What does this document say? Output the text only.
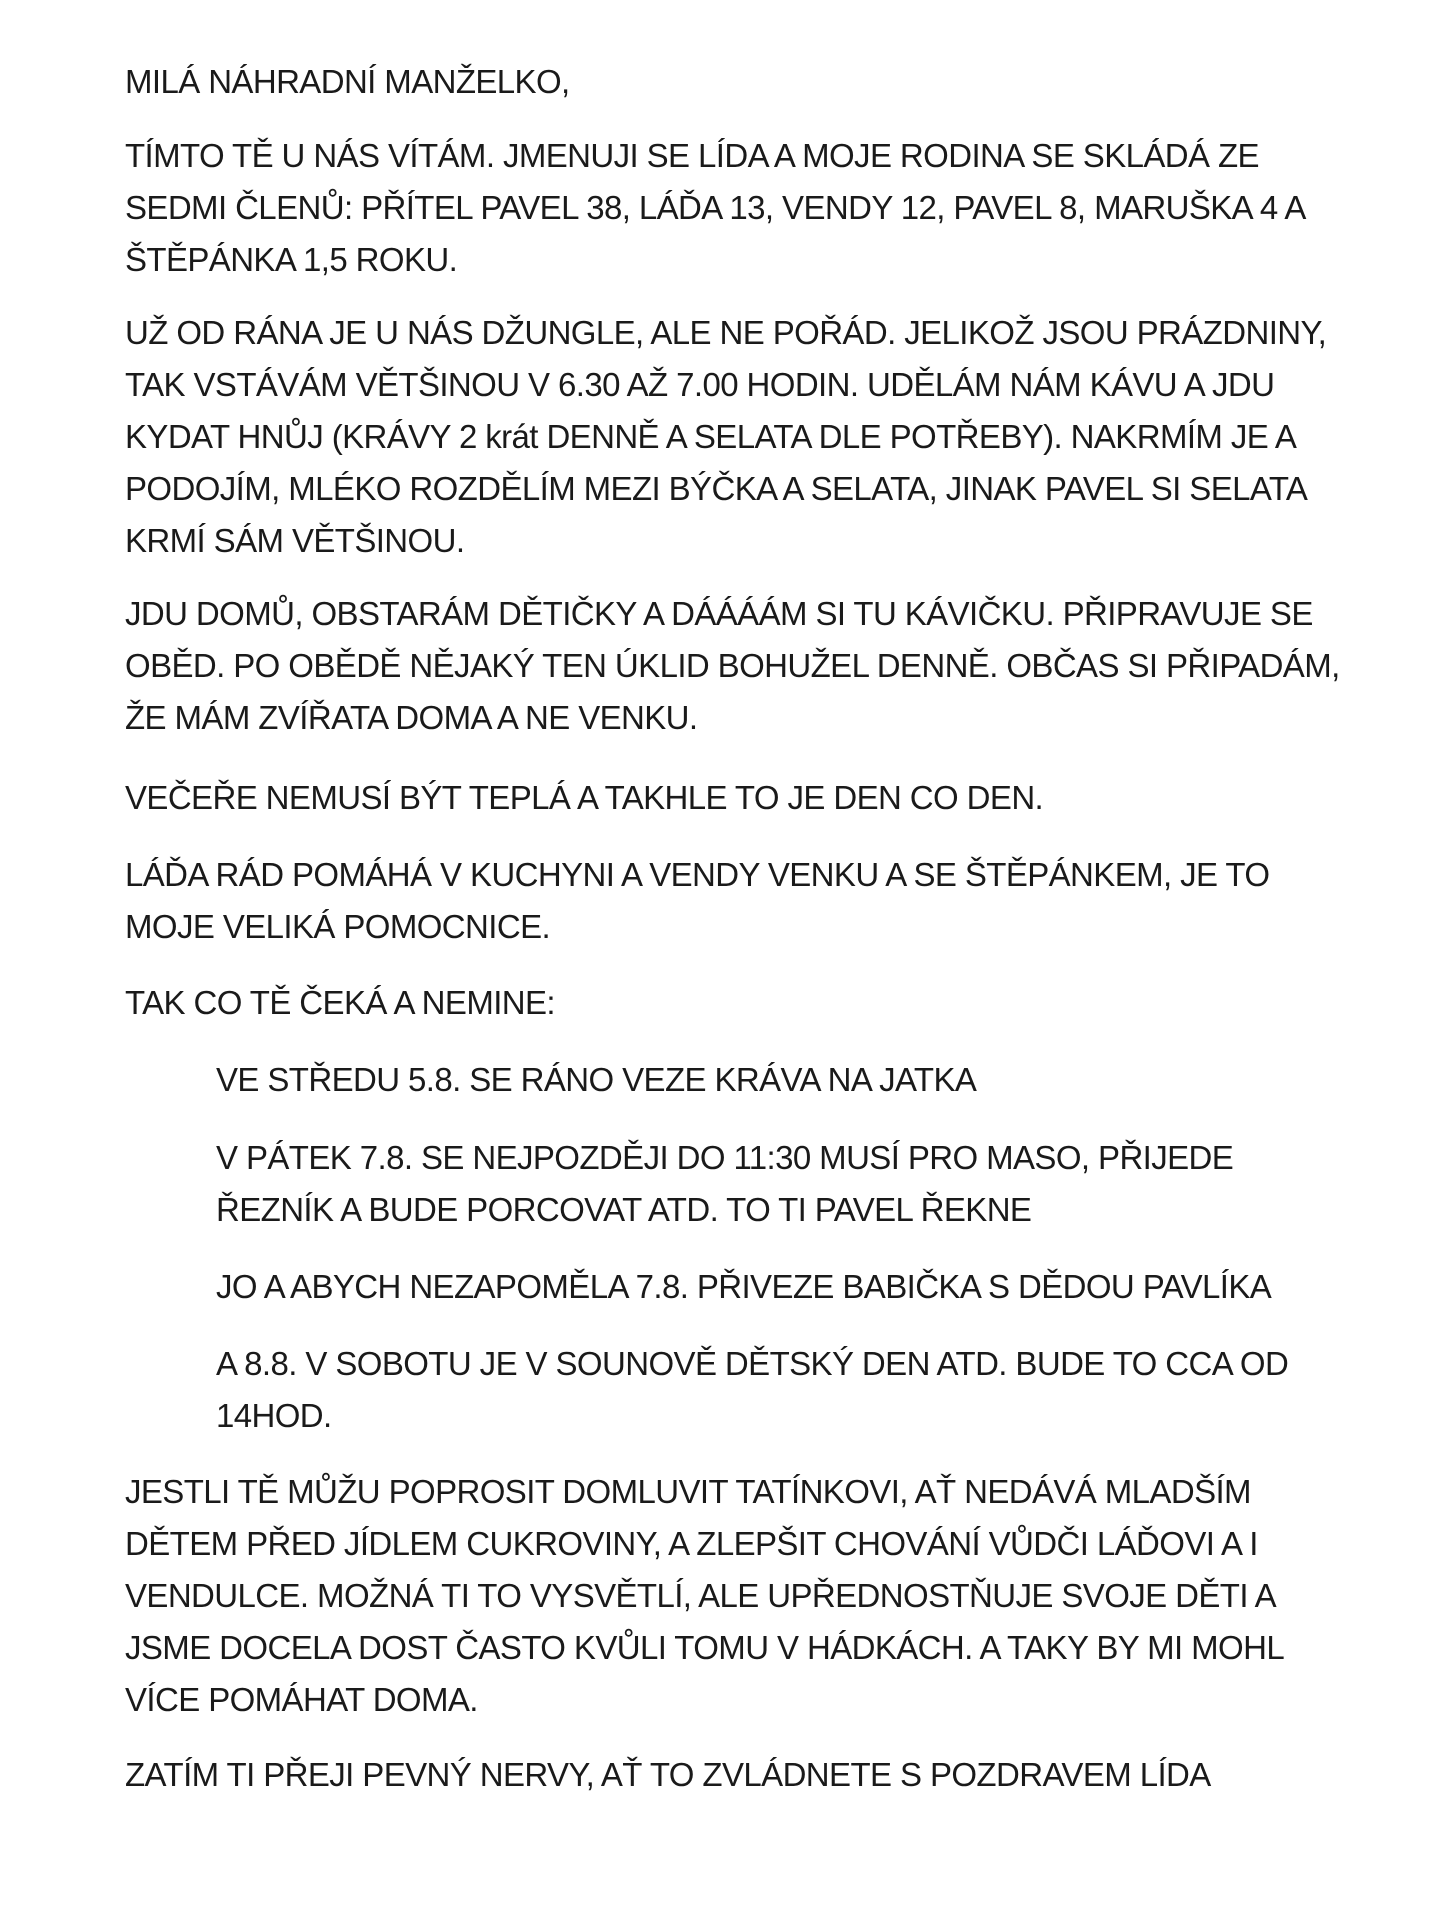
MILÁ NÁHRADNÍ MANŽELKO,

TÍMTO TĚ U NÁS VÍTÁM. JMENUJI SE LÍDA A MOJE RODINA SE SKLÁDÁ ZE SEDMI ČLENŮ: PŘÍTEL PAVEL 38, LÁĎA 13, VENDY 12, PAVEL 8, MARUŠKA 4 A ŠTĚPÁNKA 1,5 ROKU.

UŽ OD RÁNA JE U NÁS DŽUNGLE, ALE NE POŘÁD. JELIKOŽ JSOU PRÁZDNINY, TAK VSTÁVÁM VĚTŠINOU V 6.30 AŽ 7.00 HODIN. UDĚLÁM NÁM KÁVU A JDU KYDAT HNŮJ (KRÁVY 2 krát DENNĚ A SELATA DLE POTŘEBY). NAKRMÍM JE A PODOJÍM, MLÉKO ROZDĚLÍM MEZI BÝČKA A SELATA, JINAK PAVEL SI SELATA KRMÍ SÁM VĚTŠINOU.

JDU DOMŮ, OBSTARÁM DĚTIČKY A DÁÁÁÁM SI TU KÁVIČKU. PŘIPRAVUJE SE OBĚD. PO OBĚDĚ NĚJAKÝ TEN ÚKLID BOHUŽEL DENNĚ. OBČAS SI PŘIPADÁM, ŽE MÁM ZVÍŘATA DOMA A NE VENKU.

VEČEŘE NEMUSÍ BÝT TEPLÁ A TAKHLE TO JE DEN CO DEN.

LÁĎA RÁD POMÁHÁ V KUCHYNI A VENDY VENKU A SE ŠTĚPÁNKEM, JE TO MOJE VELIKÁ POMOCNICE.

TAK CO TĚ ČEKÁ A NEMINE:

VE STŘEDU 5.8. SE RÁNO VEZE KRÁVA NA JATKA

V PÁTEK 7.8. SE NEJPOZDĚJI DO 11:30 MUSÍ PRO MASO, PŘIJEDE ŘEZNÍK A BUDE PORCOVAT ATD. TO TI PAVEL ŘEKNE

JO A ABYCH NEZAPOMĚLA 7.8. PŘIVEZE BABIČKA S DĚDOU PAVLÍKA

A 8.8. V SOBOTU JE V SOUNOVĚ DĚTSKÝ DEN ATD. BUDE TO CCA OD 14HOD.

JESTLI TĚ MŮŽU POPROSIT DOMLUVIT TATÍNKOVI, AŤ NEDÁVÁ MLADŠÍM DĚTEM PŘED JÍDLEM CUKROVINY, A ZLEPŠIT CHOVÁNÍ VŮDČI LÁĎOVI A I VENDULCE. MOŽNÁ TI TO VYSVĚTLÍ, ALE UPŘEDNOSTŇUJE SVOJE DĚTI A JSME DOCELA DOST ČASTO KVŮLI TOMU V HÁDKÁCH. A TAKY BY MI MOHL VÍCE POMÁHAT DOMA.

ZATÍM TI PŘEJI PEVNÝ NERVY, AŤ TO ZVLÁDNETE S POZDRAVEM LÍDA
